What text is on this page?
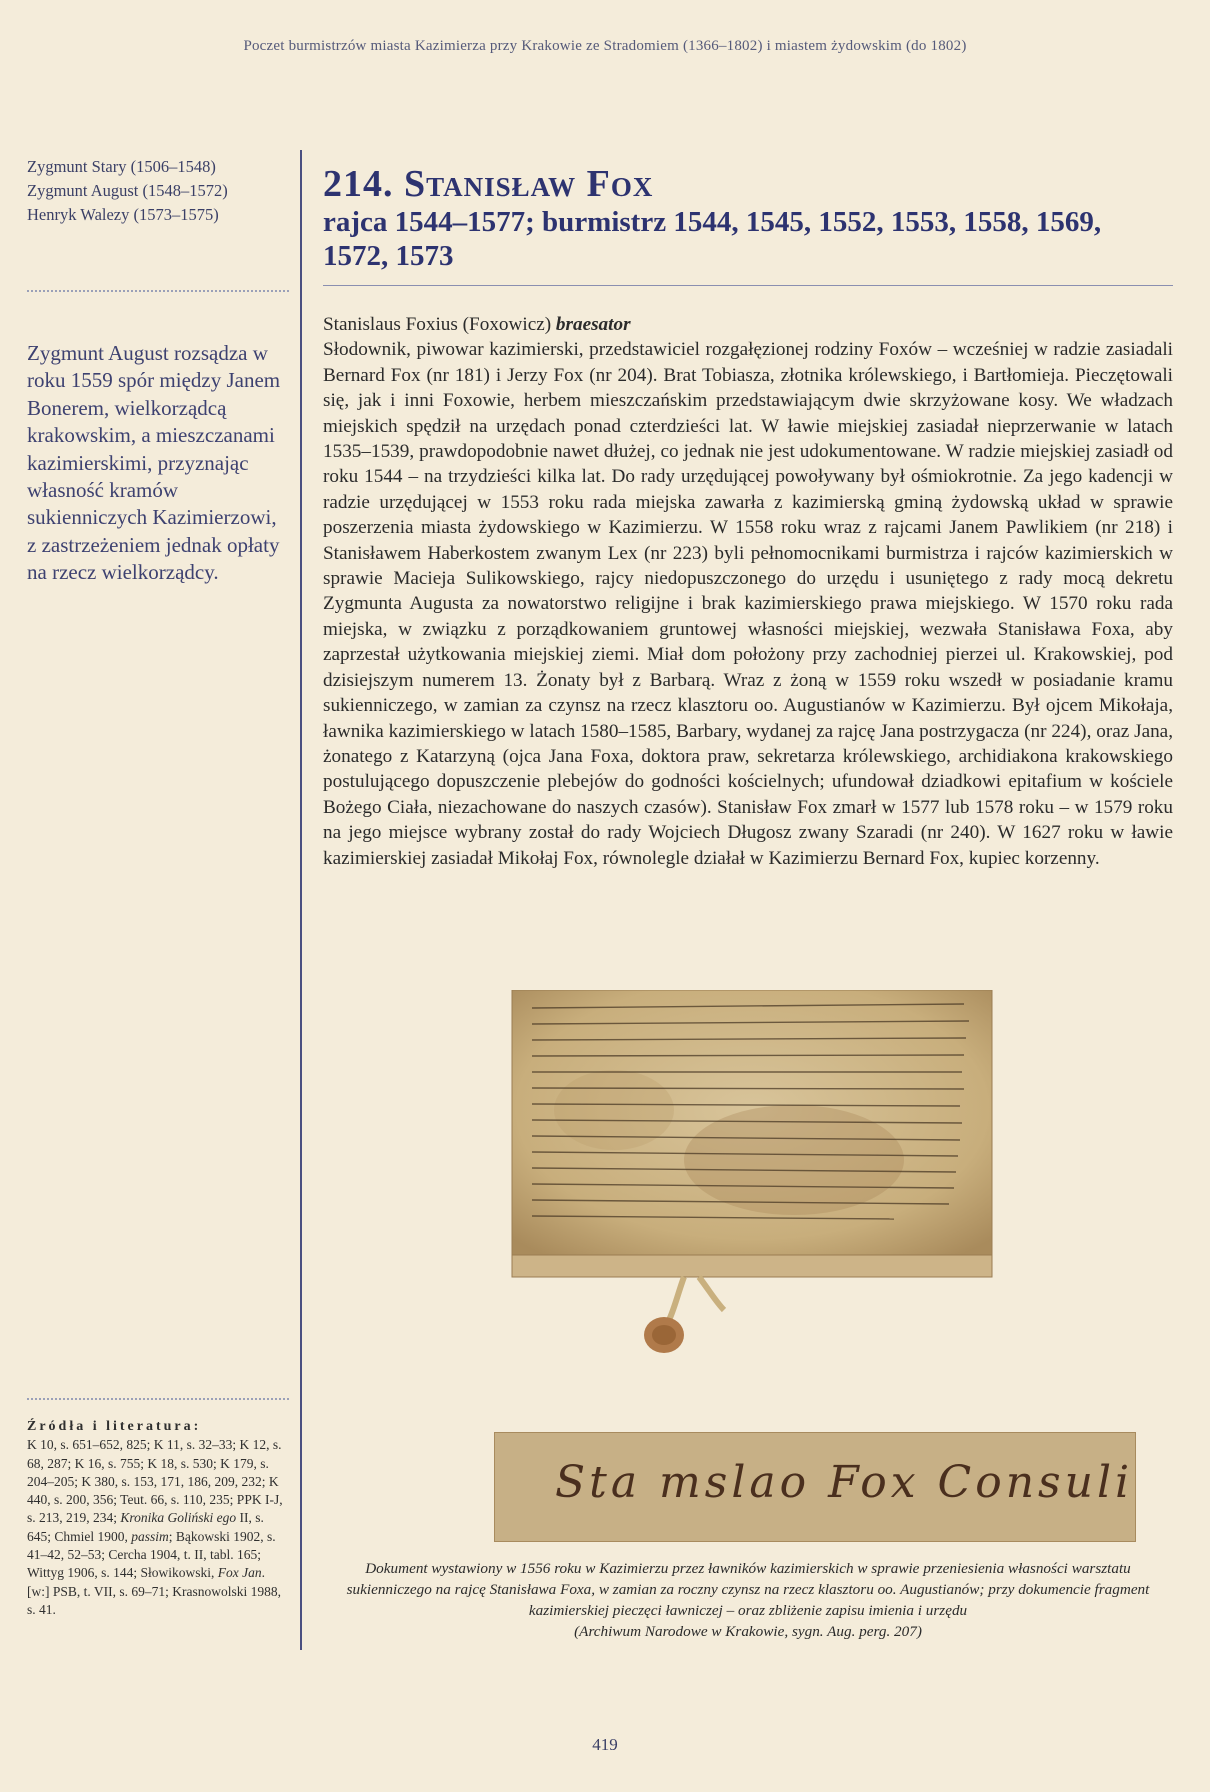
Poczet burmistrzów miasta Kazimierza przy Krakowie ze Stradomiem (1366–1802) i miastem żydowskim (do 1802)
Zygmunt Stary (1506–1548)
Zygmunt August (1548–1572)
Henryk Walezy (1573–1575)
Zygmunt August rozsądza w roku 1559 spór między Janem Bonerem, wielkorządcą krakowskim, a mieszczanami kazimierskimi, przyznając własność kramów sukienniczych Kazimierzowi, z zastrzeżeniem jednak opłaty na rzecz wielkorządcy.
Źródła i literatura:
K 10, s. 651–652, 825; K 11, s. 32–33; K 12, s. 68, 287; K 16, s. 755; K 18, s. 530; K 179, s. 204–205; K 380, s. 153, 171, 186, 209, 232; K 440, s. 200, 356; Teut. 66, s. 110, 235; PPK I-J, s. 213, 219, 234; Kronika Goliński ego II, s. 645; Chmiel 1900, passim; Bąkowski 1902, s. 41–42, 52–53; Cercha 1904, t. II, tabl. 165; Wittyg 1906, s. 144; Słowikowski, Fox Jan. [w:] PSB, t. VII, s. 69–71; Krasnowolski 1988, s. 41.
214. Stanisław Fox
rajca 1544–1577; burmistrz 1544, 1545, 1552, 1553, 1558, 1569, 1572, 1573
Stanislaus Foxius (Foxowicz) braesator
Słodownik, piwowar kazimierski, przedstawiciel rozgałęzionej rodziny Foxów – wcześniej w radzie zasiadali Bernard Fox (nr 181) i Jerzy Fox (nr 204). Brat Tobiasza, złotnika królewskiego, i Bartłomieja. Pieczętowali się, jak i inni Foxowie, herbem mieszczańskim przedstawiającym dwie skrzyżowane kosy. We władzach miejskich spędził na urzędach ponad czterdzieści lat. W ławie miejskiej zasiadał nieprzerwanie w latach 1535–1539, prawdopodobnie nawet dłużej, co jednak nie jest udokumentowane. W radzie miejskiej zasiadł od roku 1544 – na trzydzieści kilka lat. Do rady urzędującej powoływany był ośmiokrotnie. Za jego kadencji w radzie urzędującej w 1553 roku rada miejska zawarła z kazimierską gminą żydowską układ w sprawie poszerzenia miasta żydowskiego w Kazimierzu. W 1558 roku wraz z rajcami Janem Pawlikiem (nr 218) i Stanisławem Haberkostem zwanym Lex (nr 223) byli pełnomocnikami burmistrza i rajców kazimierskich w sprawie Macieja Sulikowskiego, rajcy niedopuszczonego do urzędu i usuniętego z rady mocą dekretu Zygmunta Augusta za nowatorstwo religijne i brak kazimierskiego prawa miejskiego. W 1570 roku rada miejska, w związku z porządkowaniem gruntowej własności miejskiej, wezwała Stanisława Foxa, aby zaprzestał użytkowania miejskiej ziemi. Miał dom położony przy zachodniej pierzei ul. Krakowskiej, pod dzisiejszym numerem 13. Żonaty był z Barbarą. Wraz z żoną w 1559 roku wszedł w posiadanie kramu sukienniczego, w zamian za czynsz na rzecz klasztoru oo. Augustianów w Kazimierzu. Był ojcem Mikołaja, ławnika kazimierskiego w latach 1580–1585, Barbary, wydanej za rajcę Jana postrzygacza (nr 224), oraz Jana, żonatego z Katarzyną (ojca Jana Foxa, doktora praw, sekretarza królewskiego, archidiakona krakowskiego postulującego dopuszczenie plebejów do godności kościelnych; ufundował dziadkowi epitafium w kościele Bożego Ciała, niezachowane do naszych czasów). Stanisław Fox zmarł w 1577 lub 1578 roku – w 1579 roku na jego miejsce wybrany został do rady Wojciech Długosz zwany Szaradi (nr 240). W 1627 roku w ławie kazimierskiej zasiadał Mikołaj Fox, równolegle działał w Kazimierzu Bernard Fox, kupiec korzenny.
Sta mslao Fox Consuli
Dokument wystawiony w 1556 roku w Kazimierzu przez ławników kazimierskich w sprawie przeniesienia własności warsztatu sukienniczego na rajcę Stanisława Foxa, w zamian za roczny czynsz na rzecz klasztoru oo. Augustianów; przy dokumencie fragment kazimierskiej pieczęci ławniczej – oraz zbliżenie zapisu imienia i urzędu
(Archiwum Narodowe w Krakowie, sygn. Aug. perg. 207)
419
